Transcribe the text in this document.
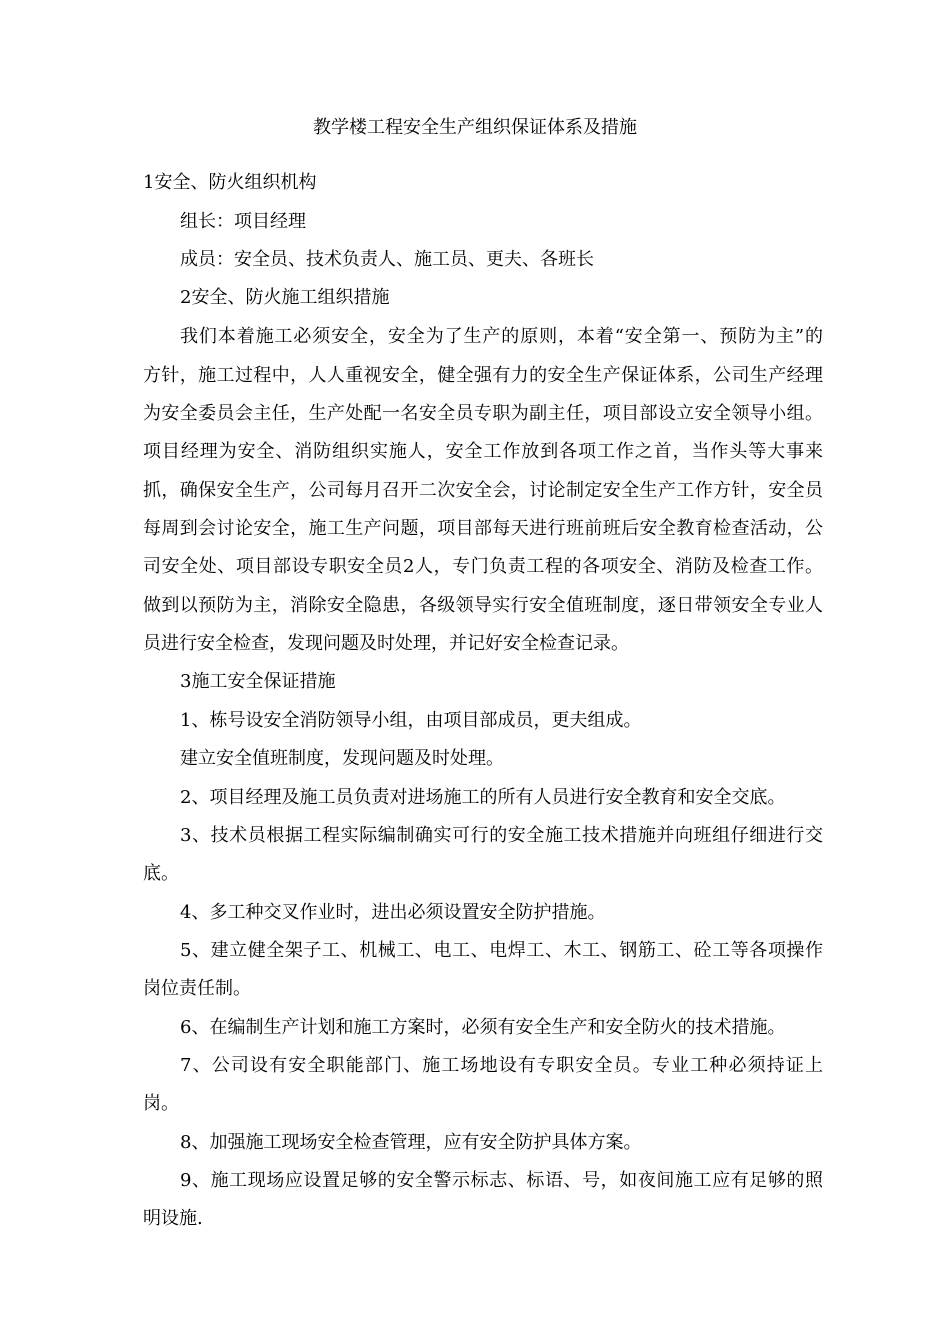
教学楼工程安全生产组织保证体系及措施
1安全、防火组织机构
组长：项目经理
成员：安全员、技术负责人、施工员、更夫、各班长
2安全、防火施工组织措施
我们本着施工必须安全，安全为了生产的原则，本着“安全第一、预防为主”的
方针，施工过程中，人人重视安全，健全强有力的安全生产保证体系，公司生产经理
为安全委员会主任，生产处配一名安全员专职为副主任，项目部设立安全领导小组。
项目经理为安全、消防组织实施人，安全工作放到各项工作之首，当作头等大事来
抓，确保安全生产，公司每月召开二次安全会，讨论制定安全生产工作方针，安全员
每周到会讨论安全，施工生产问题，项目部每天进行班前班后安全教育检查活动，公
司安全处、项目部设专职安全员2人，专门负责工程的各项安全、消防及检查工作。
做到以预防为主，消除安全隐患，各级领导实行安全值班制度，逐日带领安全专业人
员进行安全检查，发现问题及时处理，并记好安全检查记录。
3施工安全保证措施
1、栋号设安全消防领导小组，由项目部成员，更夫组成。
建立安全值班制度，发现问题及时处理。
2、项目经理及施工员负责对进场施工的所有人员进行安全教育和安全交底。
3、技术员根据工程实际编制确实可行的安全施工技术措施并向班组仔细进行交
底。
4、多工种交叉作业时，进出必须设置安全防护措施。
5、建立健全架子工、机械工、电工、电焊工、木工、钢筋工、砼工等各项操作
岗位责任制。
6、在编制生产计划和施工方案时，必须有安全生产和安全防火的技术措施。
7、公司设有安全职能部门、施工场地设有专职安全员。专业工种必须持证上
岗。
8、加强施工现场安全检查管理，应有安全防护具体方案。
9、施工现场应设置足够的安全警示标志、标语、号，如夜间施工应有足够的照
明设施.
